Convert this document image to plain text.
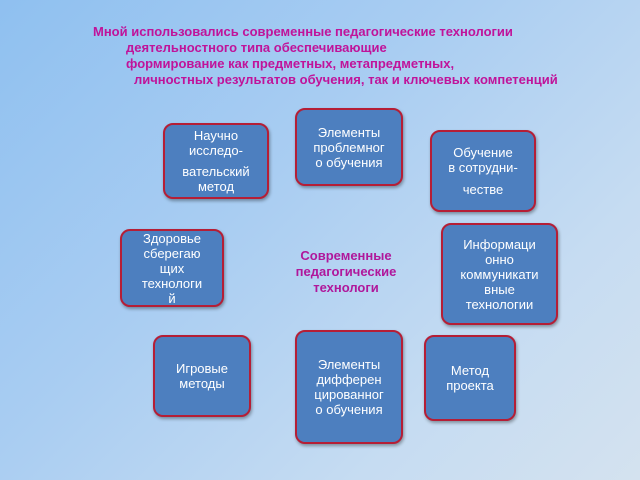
Мной использовались современные педагогические технологии
деятельностного типа обеспечивающие
формирование как предметных, метапредметных,
личностных результатов обучения, так и ключевых компетенций
Современные
педагогические
технологи
Элементы
проблемног
о обучения
Научно
исследо-
вательский
метод
Обучение
в сотрудни-
честве
Здоровье
сберегаю
щих
технологи
й
Информаци
онно
коммуникати
вные
технологии
Игровые
методы
Элементы
дифферен
цированног
о обучения
Метод
проекта
